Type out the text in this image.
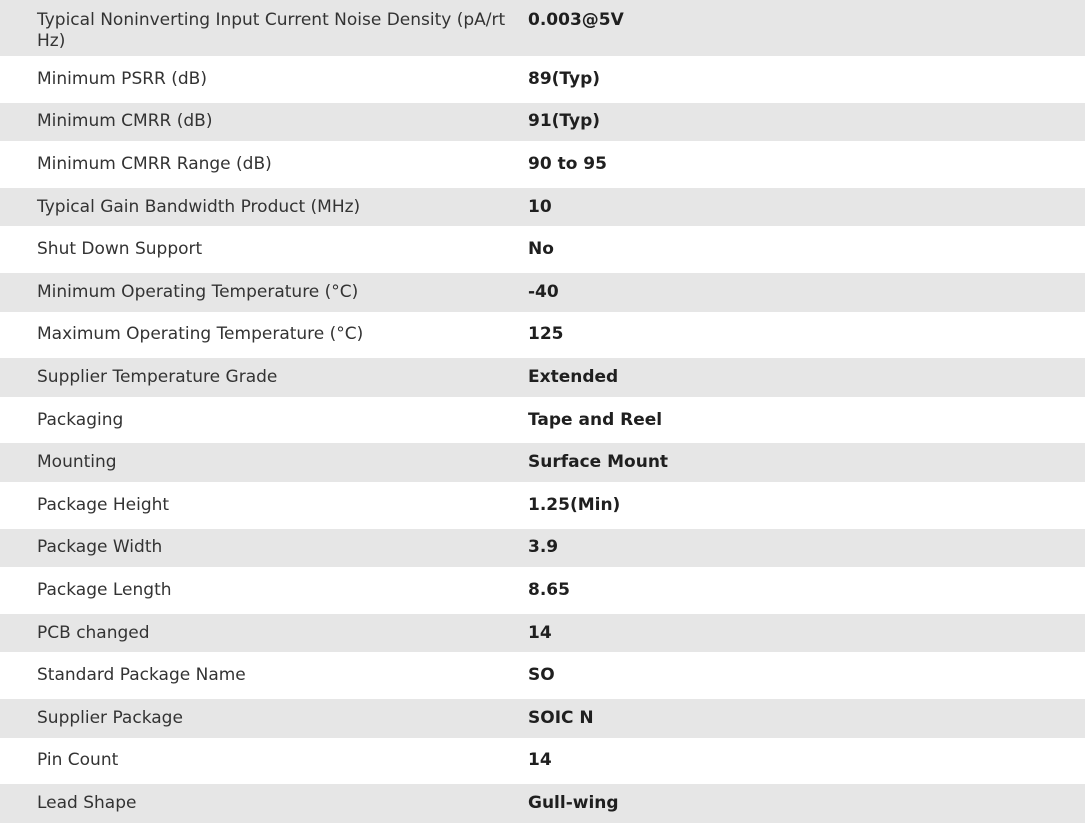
Typical Noninverting Input Current Noise Density (pA/rt Hz)	0.003@5V
Minimum PSRR (dB)	89(Typ)
Minimum CMRR (dB)	91(Typ)
Minimum CMRR Range (dB)	90 to 95
Typical Gain Bandwidth Product (MHz)	10
Shut Down Support	No
Minimum Operating Temperature (°C)	-40
Maximum Operating Temperature (°C)	125
Supplier Temperature Grade	Extended
Packaging	Tape and Reel
Mounting	Surface Mount
Package Height	1.25(Min)
Package Width	3.9
Package Length	8.65
PCB changed	14
Standard Package Name	SO
Supplier Package	SOIC N
Pin Count	14
Lead Shape	Gull-wing
